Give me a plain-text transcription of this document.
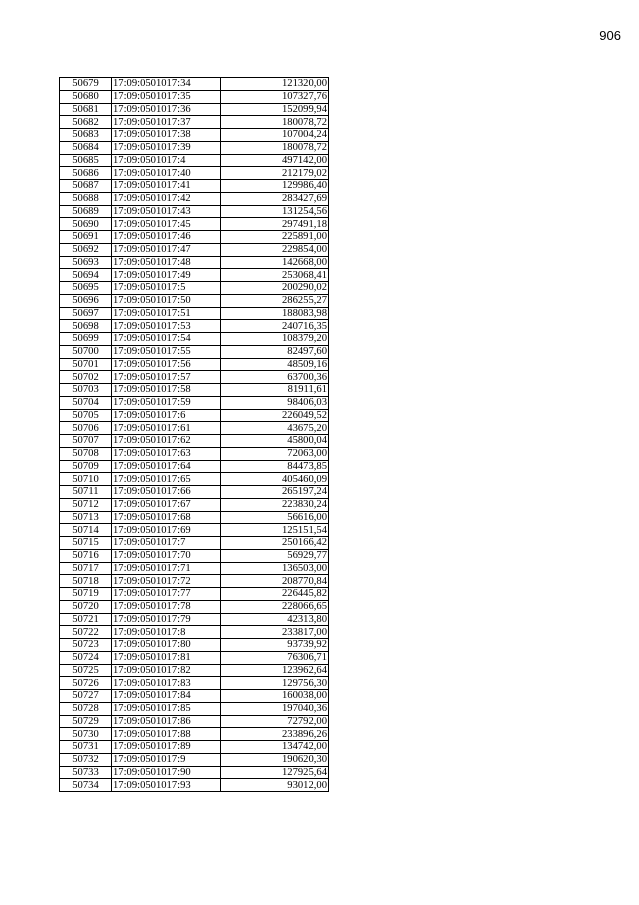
906
50679	17:09:0501017:34	121320,00
50680	17:09:0501017:35	107327,76
50681	17:09:0501017:36	152099,94
50682	17:09:0501017:37	180078,72
50683	17:09:0501017:38	107004,24
50684	17:09:0501017:39	180078,72
50685	17:09:0501017:4	497142,00
50686	17:09:0501017:40	212179,02
50687	17:09:0501017:41	129986,40
50688	17:09:0501017:42	283427,69
50689	17:09:0501017:43	131254,56
50690	17:09:0501017:45	297491,18
50691	17:09:0501017:46	225891,00
50692	17:09:0501017:47	229854,00
50693	17:09:0501017:48	142668,00
50694	17:09:0501017:49	253068,41
50695	17:09:0501017:5	200290,02
50696	17:09:0501017:50	286255,27
50697	17:09:0501017:51	188083,98
50698	17:09:0501017:53	240716,35
50699	17:09:0501017:54	108379,20
50700	17:09:0501017:55	82497,60
50701	17:09:0501017:56	48509,16
50702	17:09:0501017:57	63700,36
50703	17:09:0501017:58	81911,61
50704	17:09:0501017:59	98406,03
50705	17:09:0501017:6	226049,52
50706	17:09:0501017:61	43675,20
50707	17:09:0501017:62	45800,04
50708	17:09:0501017:63	72063,00
50709	17:09:0501017:64	84473,85
50710	17:09:0501017:65	405460,09
50711	17:09:0501017:66	265197,24
50712	17:09:0501017:67	223830,24
50713	17:09:0501017:68	56616,00
50714	17:09:0501017:69	125151,54
50715	17:09:0501017:7	250166,42
50716	17:09:0501017:70	56929,77
50717	17:09:0501017:71	136503,00
50718	17:09:0501017:72	208770,84
50719	17:09:0501017:77	226445,82
50720	17:09:0501017:78	228066,65
50721	17:09:0501017:79	42313,80
50722	17:09:0501017:8	233817,00
50723	17:09:0501017:80	93739,92
50724	17:09:0501017:81	76306,71
50725	17:09:0501017:82	123962,64
50726	17:09:0501017:83	129756,30
50727	17:09:0501017:84	160038,00
50728	17:09:0501017:85	197040,36
50729	17:09:0501017:86	72792,00
50730	17:09:0501017:88	233896,26
50731	17:09:0501017:89	134742,00
50732	17:09:0501017:9	190620,30
50733	17:09:0501017:90	127925,64
50734	17:09:0501017:93	93012,00
